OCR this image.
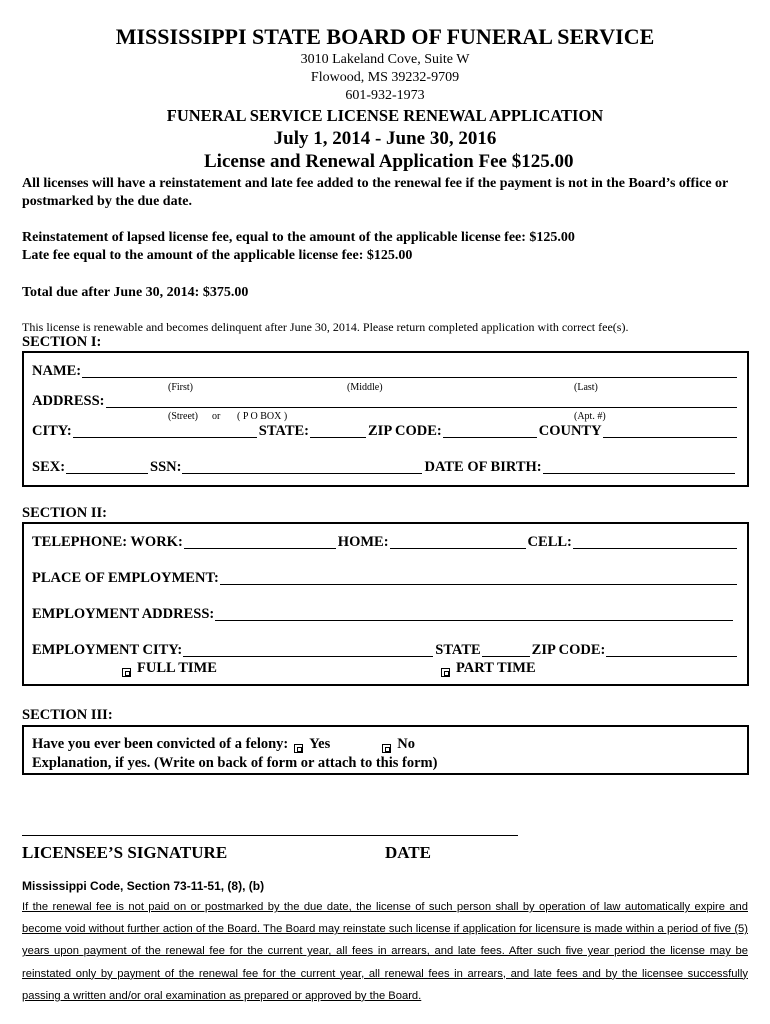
MISSISSIPPI STATE BOARD OF FUNERAL SERVICE
3010 Lakeland Cove, Suite W
Flowood, MS 39232-9709
601-932-1973
FUNERAL SERVICE LICENSE RENEWAL APPLICATION
July 1, 2014 - June 30, 2016
License and Renewal Application Fee $125.00
All licenses will have a reinstatement and late fee added to the renewal fee if the payment is not in the Board’s office or postmarked by the due date.
Reinstatement of lapsed license fee, equal to the amount of the applicable license fee: $125.00
Late fee equal to the amount of the applicable license fee: $125.00
Total due after June 30, 2014: $375.00
This license is renewable and becomes delinquent after June 30, 2014. Please return completed application with correct fee(s).
SECTION I:
NAME:
(First)	(Middle)	(Last)
ADDRESS:
(Street) or ( P O BOX )	(Apt. #)
CITY:	STATE:	ZIP CODE:	COUNTY
SEX:	SSN:	DATE OF BIRTH:
SECTION II:
TELEPHONE: WORK:	HOME:	CELL:
PLACE OF EMPLOYMENT:
EMPLOYMENT ADDRESS:
EMPLOYMENT CITY:	STATE	ZIP CODE:
FULL TIME	PART TIME
SECTION III:
Have you ever been convicted of a felony: Yes	No
Explanation, if yes. (Write on back of form or attach to this form)
LICENSEE’S SIGNATURE	DATE
Mississippi Code, Section 73-11-51, (8), (b)
If the renewal fee is not paid on or postmarked by the due date, the license of such person shall by operation of law automatically expire and become void without further action of the Board. The Board may reinstate such license if application for licensure is made within a period of five (5) years upon payment of the renewal fee for the current year, all fees in arrears, and late fees. After such five year period the license may be reinstated only by payment of the renewal fee for the current year, all renewal fees in arrears, and late fees and by the licensee successfully passing a written and/or oral examination as prepared or approved by the Board.
